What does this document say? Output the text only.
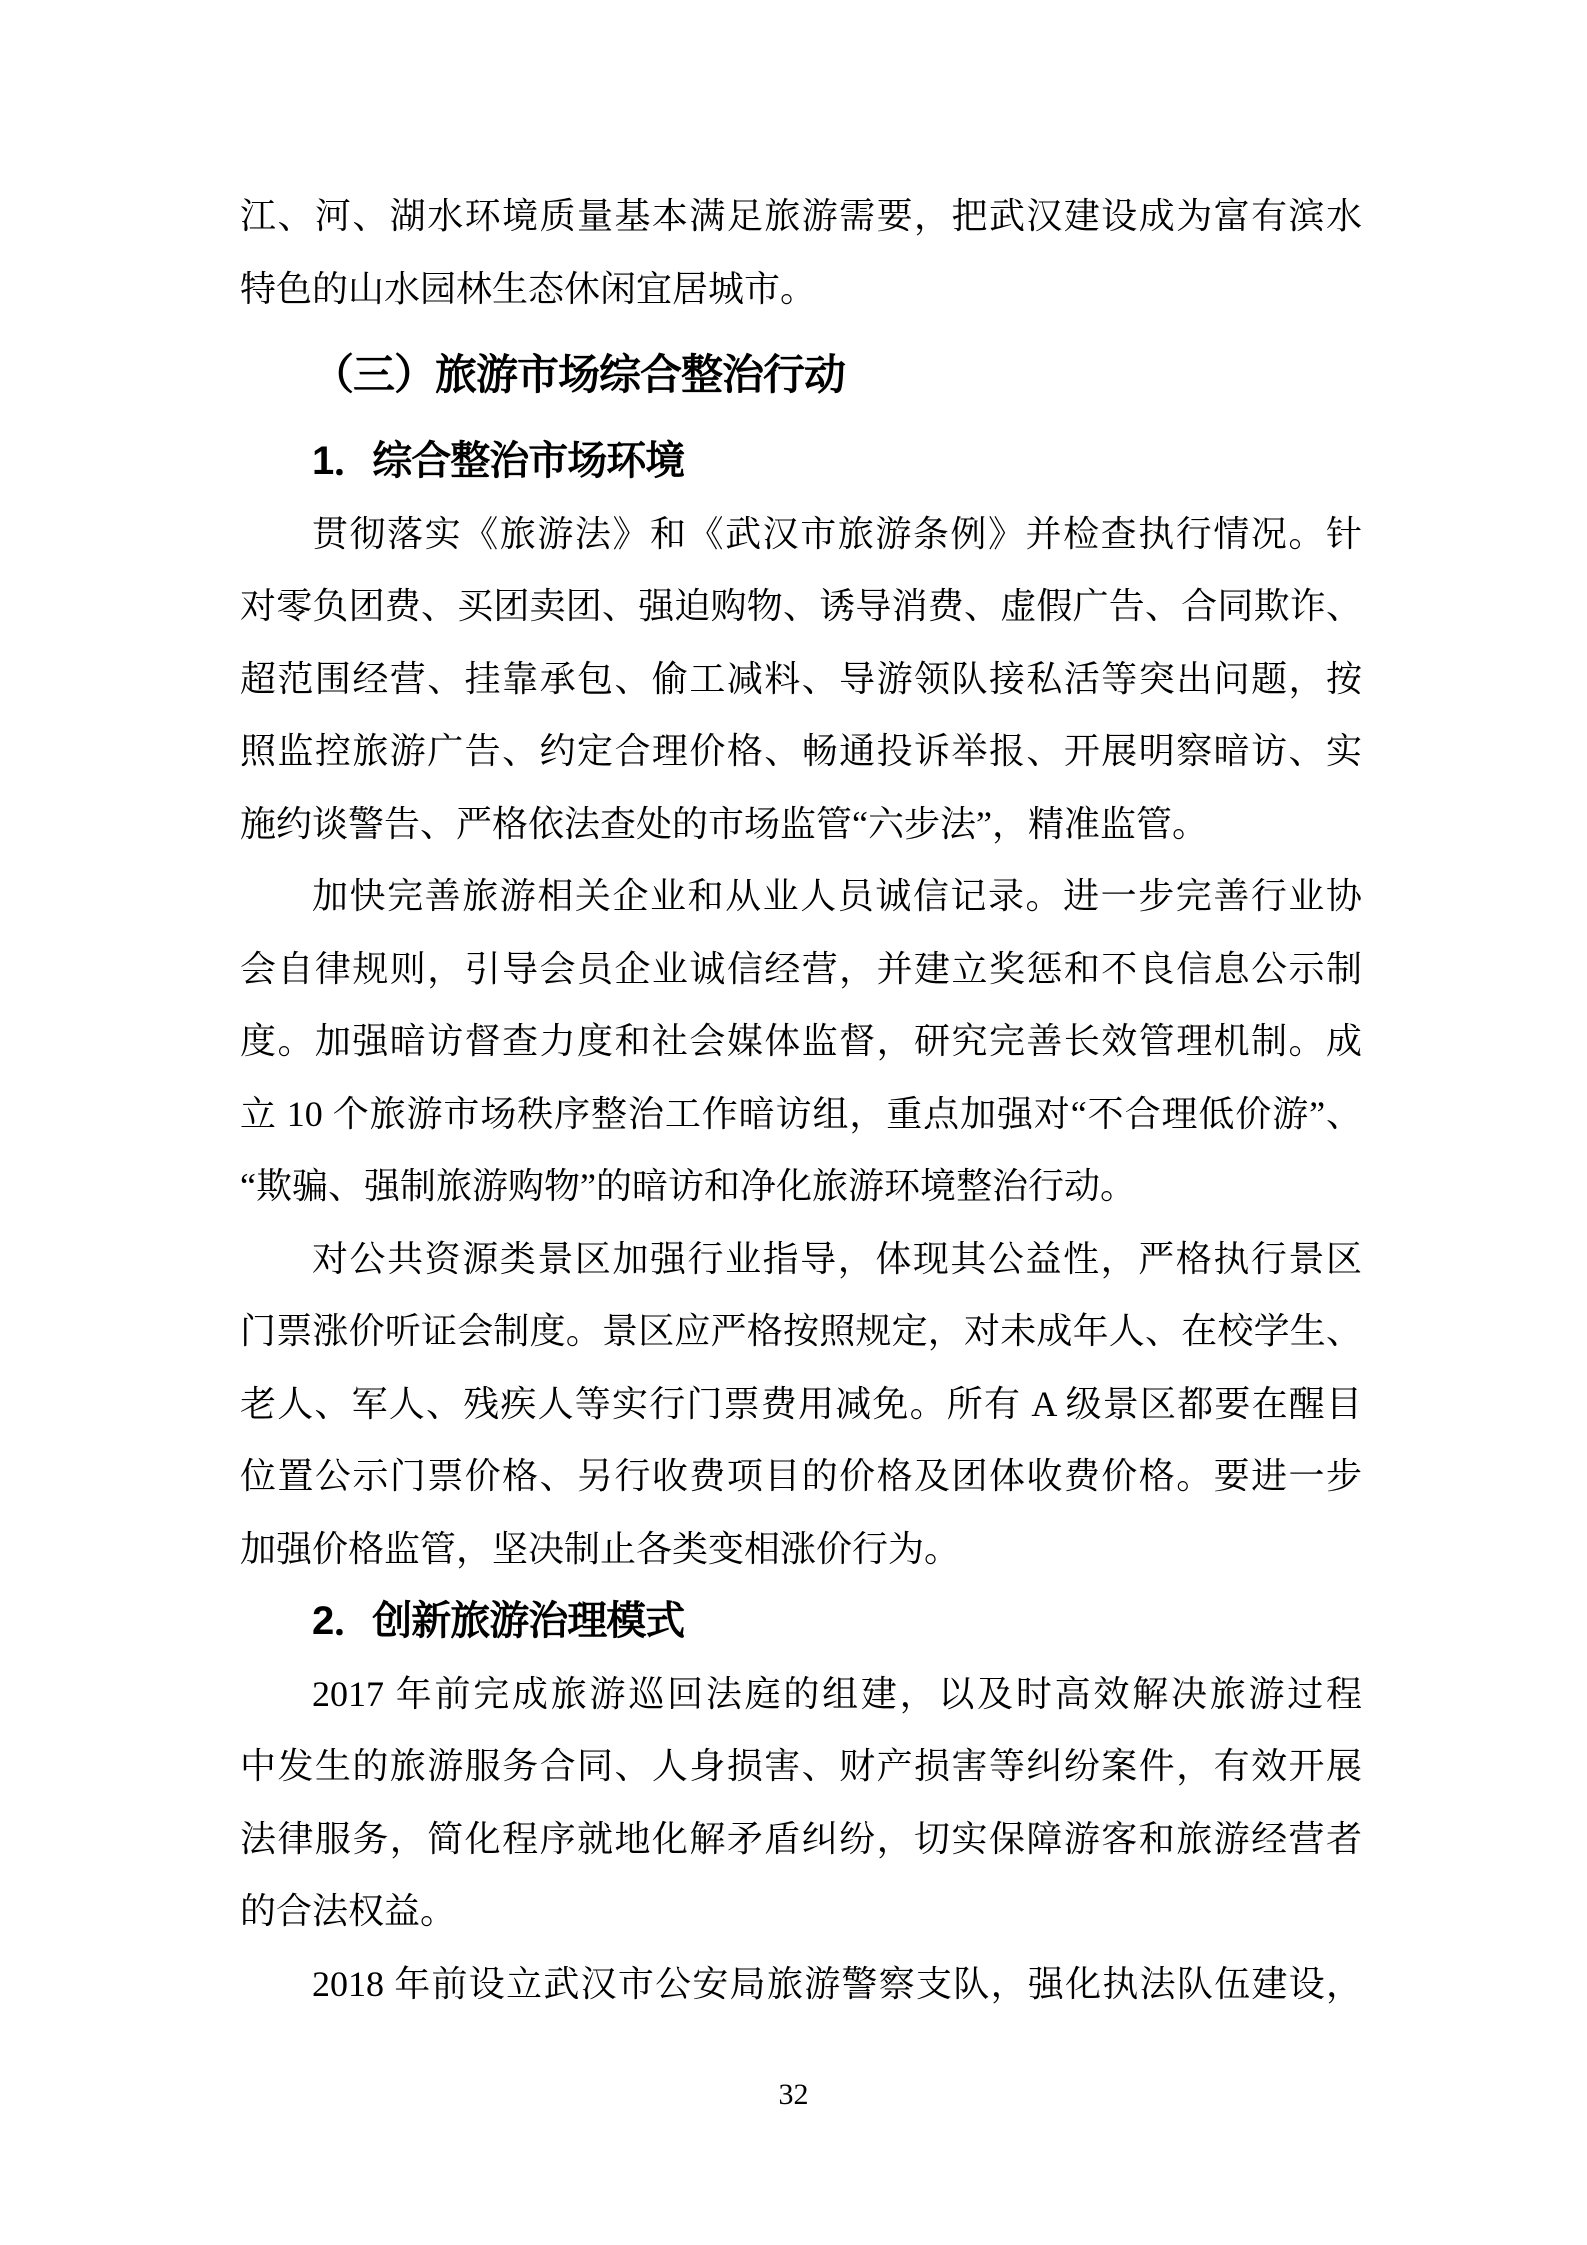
江、河、湖水环境质量基本满足旅游需要，把武汉建设成为富有滨水
特色的山水园林生态休闲宜居城市。
（三）旅游市场综合整治行动
1．综合整治市场环境
贯彻落实《旅游法》和《武汉市旅游条例》并检查执行情况。针
对零负团费、买团卖团、强迫购物、诱导消费、虚假广告、合同欺诈、
超范围经营、挂靠承包、偷工减料、导游领队接私活等突出问题，按
照监控旅游广告、约定合理价格、畅通投诉举报、开展明察暗访、实
施约谈警告、严格依法查处的市场监管“六步法”，精准监管。
加快完善旅游相关企业和从业人员诚信记录。进一步完善行业协
会自律规则，引导会员企业诚信经营，并建立奖惩和不良信息公示制
度。加强暗访督查力度和社会媒体监督，研究完善长效管理机制。成
立 10 个旅游市场秩序整治工作暗访组，重点加强对“不合理低价游”、
“欺骗、强制旅游购物”的暗访和净化旅游环境整治行动。
对公共资源类景区加强行业指导，体现其公益性，严格执行景区
门票涨价听证会制度。景区应严格按照规定，对未成年人、在校学生、
老人、军人、残疾人等实行门票费用减免。所有 A 级景区都要在醒目
位置公示门票价格、另行收费项目的价格及团体收费价格。要进一步
加强价格监管，坚决制止各类变相涨价行为。
2．创新旅游治理模式
2017 年前完成旅游巡回法庭的组建，以及时高效解决旅游过程
中发生的旅游服务合同、人身损害、财产损害等纠纷案件，有效开展
法律服务，简化程序就地化解矛盾纠纷，切实保障游客和旅游经营者
的合法权益。
2018 年前设立武汉市公安局旅游警察支队，强化执法队伍建设，
32
